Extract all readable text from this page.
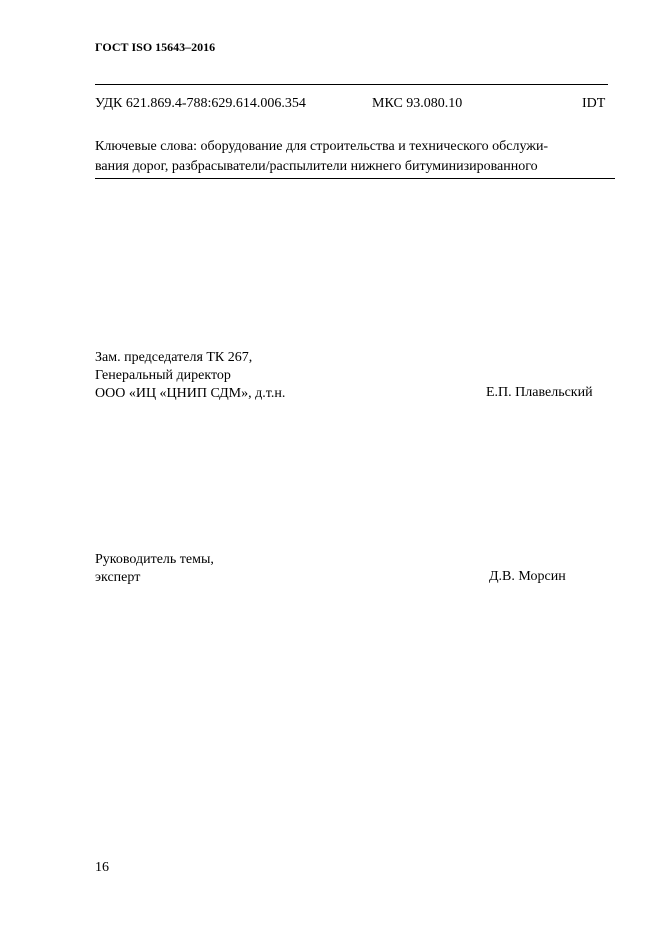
ГОСТ ISO 15643–2016
УДК 621.869.4-788:629.614.006.354	МКС 93.080.10	IDT
Ключевые слова: оборудование для строительства и технического обслужи-
вания дорог, разбрасыватели/распылители нижнего битуминизированного
Зам. председателя ТК 267,
Генеральный директор
ООО «ИЦ «ЦНИП СДМ», д.т.н.	Е.П. Плавельский
Руководитель темы,
эксперт	Д.В. Морсин
16
